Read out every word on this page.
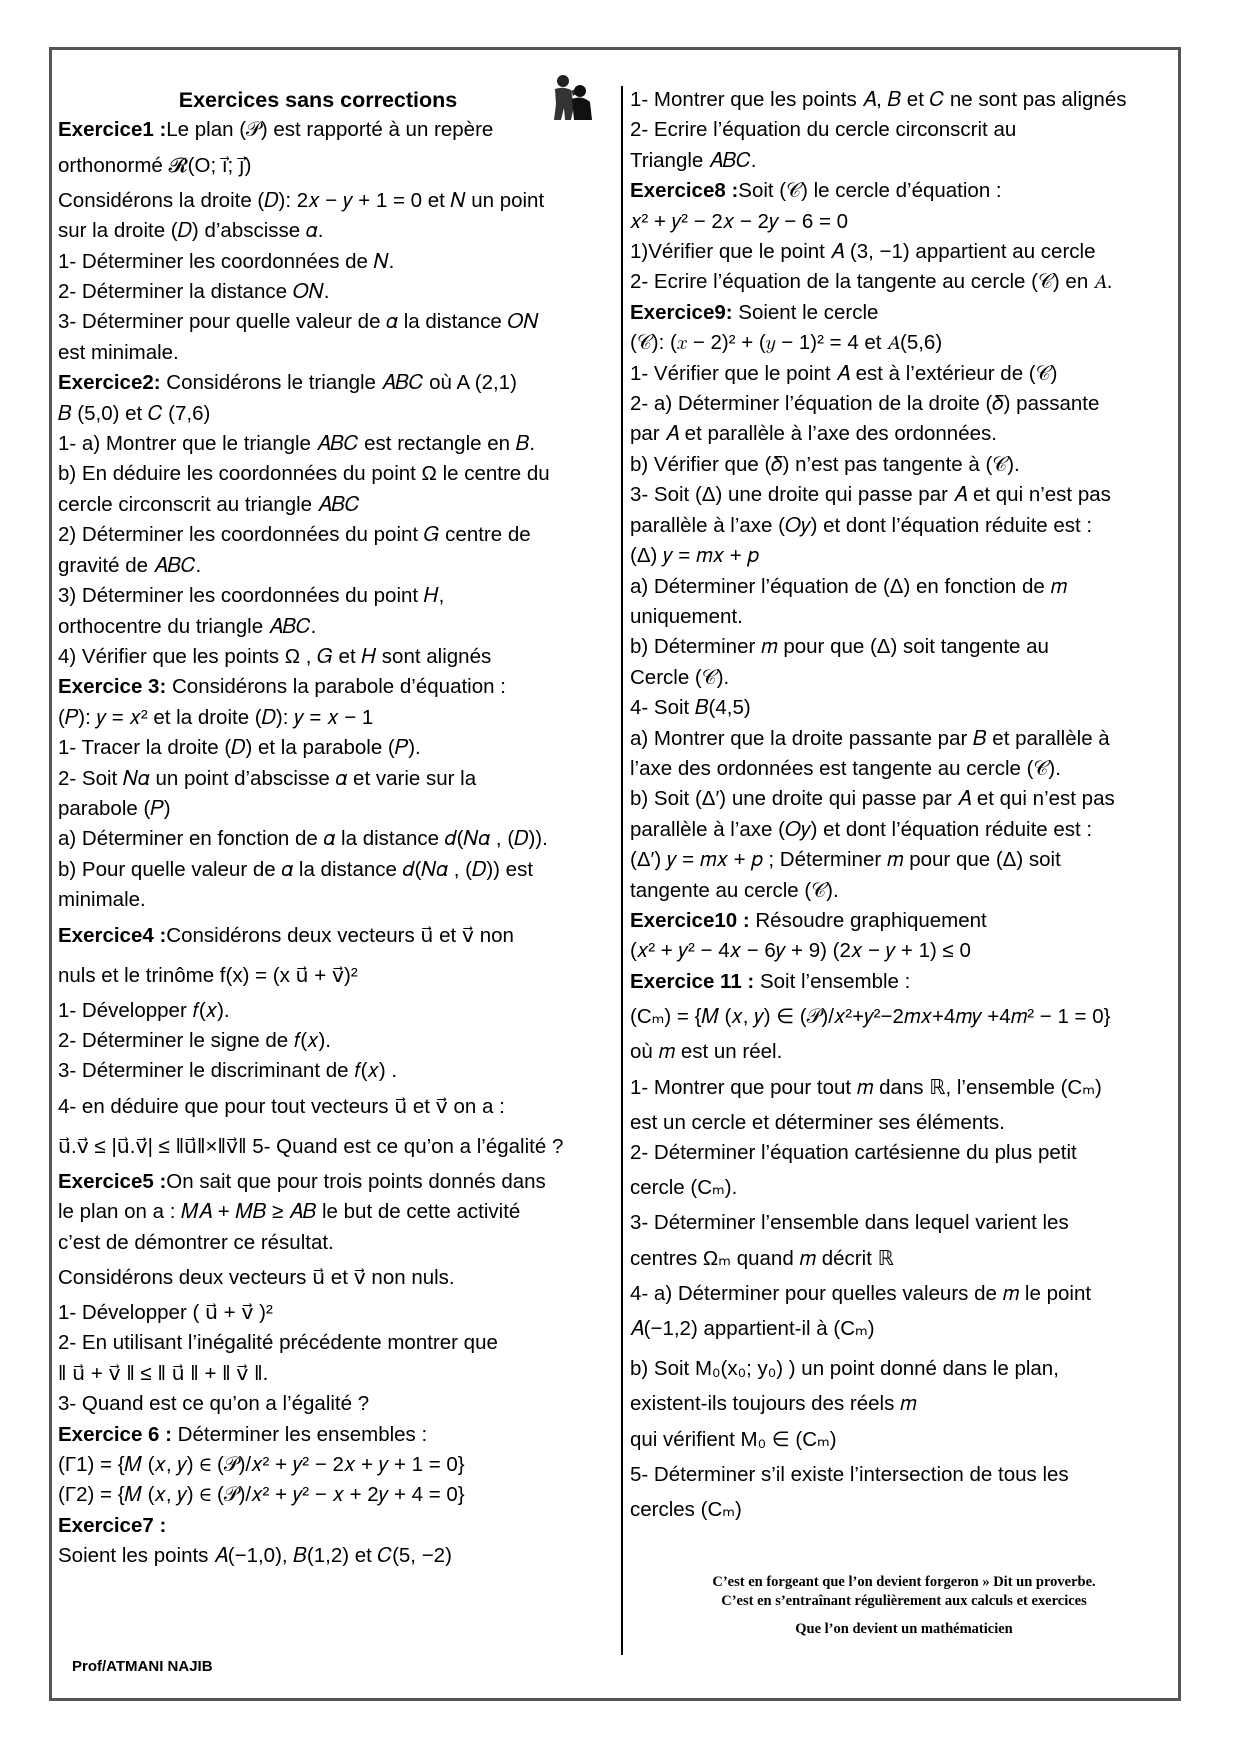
Exercices sans corrections
Exercice1 :Le plan (𝒫) est rapporté à un repère
orthonormé 𝓡(O; i⃗; j⃗)
Considérons la droite (𝐷): 2𝑥 − 𝑦 + 1 = 0 et 𝑁 un point
sur la droite (𝐷) d’abscisse 𝛼.
1- Déterminer les coordonnées de 𝑁.
2- Déterminer la distance 𝑂𝑁.
3- Déterminer pour quelle valeur de 𝛼 la distance 𝑂𝑁
est minimale.
Exercice2: Considérons le triangle 𝐴𝐵𝐶 où A (2,1)
𝐵 (5,0) et 𝐶 (7,6)
1- a) Montrer que le triangle 𝐴𝐵𝐶 est rectangle en 𝐵.
b) En déduire les coordonnées du point Ω le centre du
cercle circonscrit au triangle 𝐴𝐵𝐶
2) Déterminer les coordonnées du point 𝐺 centre de
gravité de 𝐴𝐵𝐶.
3) Déterminer les coordonnées du point 𝐻,
orthocentre du triangle 𝐴𝐵𝐶.
4) Vérifier que les points Ω , 𝐺 et 𝐻 sont alignés
Exercice 3: Considérons la parabole d’équation :
(𝑃): 𝑦 = 𝑥² et la droite (𝐷): 𝑦 = 𝑥 − 1
1- Tracer la droite (𝐷) et la parabole (𝑃).
2- Soit 𝑁𝛼 un point d’abscisse 𝛼 et varie sur la
parabole (𝑃)
a) Déterminer en fonction de 𝛼 la distance 𝑑(𝑁𝛼 , (𝐷)).
b) Pour quelle valeur de 𝛼 la distance 𝑑(𝑁𝛼 , (𝐷)) est
minimale.
Exercice4 :Considérons deux vecteurs u⃗ et v⃗ non
nuls et le trinôme f(x) = (x u⃗ + v⃗)²
1- Développer 𝑓(𝑥).
2- Déterminer le signe de 𝑓(𝑥).
3- Déterminer le discriminant de 𝑓(𝑥) .
4- en déduire que pour tout vecteurs u⃗ et v⃗ on a :
u⃗.v⃗ ≤ |u⃗.v⃗| ≤ ‖u⃗‖×‖v⃗‖ 5- Quand est ce qu’on a l’égalité ?
Exercice5 :On sait que pour trois points donnés dans
le plan on a : 𝑀𝐴 + 𝑀𝐵 ≥ 𝐴𝐵 le but de cette activité
c’est de démontrer ce résultat.
Considérons deux vecteurs u⃗ et v⃗ non nuls.
1- Développer ( u⃗ + v⃗ )²
2- En utilisant l’inégalité précédente montrer que
‖ u⃗ + v⃗ ‖ ≤ ‖ u⃗ ‖ + ‖ v⃗ ‖.
3- Quand est ce qu’on a l’égalité ?
Exercice 6 : Déterminer les ensembles :
(Γ1) = {𝑀 (𝑥, 𝑦) ∈ (𝒫)/𝑥² + 𝑦² − 2𝑥 + 𝑦 + 1 = 0}
(Γ2) = {𝑀 (𝑥, 𝑦) ∈ (𝒫)/𝑥² + 𝑦² − 𝑥 + 2𝑦 + 4 = 0}
Exercice7 :
Soient les points 𝐴(−1,0), 𝐵(1,2) et 𝐶(5, −2)
1- Montrer que les points 𝐴, 𝐵 et 𝐶 ne sont pas alignés
2- Ecrire l’équation du cercle circonscrit au
Triangle 𝐴𝐵𝐶.
Exercice8 :Soit (𝒞) le cercle d’équation :
𝑥² + 𝑦² − 2𝑥 − 2𝑦 − 6 = 0
1)Vérifier que le point 𝐴 (3, −1) appartient au cercle
2- Ecrire l’équation de la tangente au cercle (𝒞) en 𝐴.
Exercice9: Soient le cercle
(𝒞): (𝑥 − 2)² + (𝑦 − 1)² = 4 et 𝐴(5,6)
1- Vérifier que le point 𝐴 est à l’extérieur de (𝒞)
2- a) Déterminer l’équation de la droite (𝛿) passante
par 𝐴 et parallèle à l’axe des ordonnées.
b) Vérifier que (𝛿) n’est pas tangente à (𝒞).
3- Soit (Δ) une droite qui passe par 𝐴 et qui n’est pas
parallèle à l’axe (𝑂𝑦) et dont l’équation réduite est :
(Δ) 𝑦 = 𝑚𝑥 + 𝑝
a) Déterminer l’équation de (Δ) en fonction de 𝑚
uniquement.
b) Déterminer 𝑚 pour que (Δ) soit tangente au
Cercle (𝒞).
4- Soit 𝐵(4,5)
a) Montrer que la droite passante par 𝐵 et parallèle à
l’axe des ordonnées est tangente au cercle (𝒞).
b) Soit (Δ′) une droite qui passe par 𝐴 et qui n’est pas
parallèle à l’axe (𝑂𝑦) et dont l’équation réduite est :
(Δ′) 𝑦 = 𝑚𝑥 + 𝑝 ; Déterminer 𝑚 pour que (Δ) soit
tangente au cercle (𝒞).
Exercice10 : Résoudre graphiquement
(𝑥² + 𝑦² − 4𝑥 − 6𝑦 + 9) (2𝑥 − 𝑦 + 1) ≤ 0
Exercice 11 : Soit l’ensemble :
(Cₘ) = {𝑀 (𝑥, 𝑦) ∈ (𝒫)/𝑥²+𝑦²−2𝑚𝑥+4𝑚𝑦 +4𝑚² − 1 = 0}
où 𝑚 est un réel.
1- Montrer que pour tout 𝑚 dans ℝ, l’ensemble (Cₘ)
est un cercle et déterminer ses éléments.
2- Déterminer l’équation cartésienne du plus petit
cercle (Cₘ).
3- Déterminer l’ensemble dans lequel varient les
centres Ωₘ quand 𝑚 décrit ℝ
4- a) Déterminer pour quelles valeurs de 𝑚 le point
𝐴(−1,2) appartient-il à (Cₘ)
b) Soit M₀(x₀; y₀) ) un point donné dans le plan,
existent-ils toujours des réels 𝑚
qui vérifient M₀ ∈ (Cₘ)
5- Déterminer s’il existe l’intersection de tous les
cercles (Cₘ)
C’est en forgeant que l’on devient forgeron » Dit un proverbe.
C’est en s’entraînant régulièrement aux calculs et exercices
Que l’on devient un mathématicien
Prof/ATMANI NAJIB
